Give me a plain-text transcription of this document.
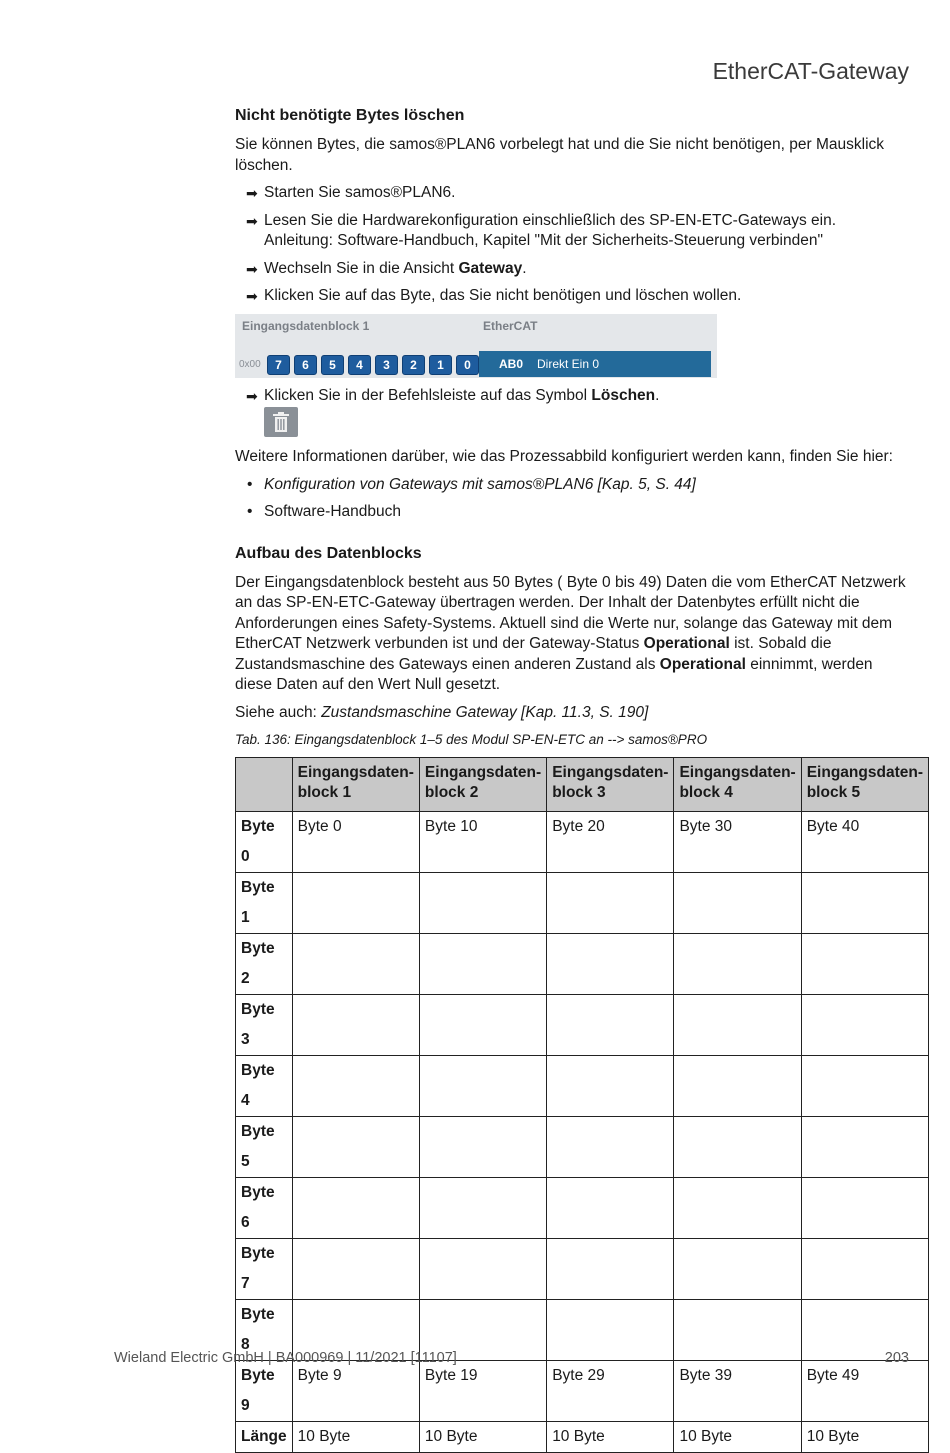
EtherCAT-Gateway
Nicht benötigte Bytes löschen

Sie können Bytes, die samos®PLAN6 vorbelegt hat und die Sie nicht benötigen, per Mausklick löschen.

➡ Starten Sie samos®PLAN6.
➡ Lesen Sie die Hardwarekonfiguration einschließlich des SP-EN-ETC-Gateways ein.
Anleitung: Software-Handbuch, Kapitel "Mit der Sicherheits-Steuerung verbinden"
➡ Wechseln Sie in die Ansicht Gateway.
➡ Klicken Sie auf das Byte, das Sie nicht benötigen und löschen wollen.
Eingangsdatenblock 1	EtherCAT
0x00	7	6	5	4	3	2	1	0	AB0	Direkt Ein 0
➡ Klicken Sie in der Befehlsleiste auf das Symbol Löschen.

Weitere Informationen darüber, wie das Prozessabbild konfiguriert werden kann, finden Sie hier:

• Konfiguration von Gateways mit samos®PLAN6 [Kap. 5, S. 44]
• Software-Handbuch
Aufbau des Datenblocks

Der Eingangsdatenblock besteht aus 50 Bytes ( Byte 0 bis 49) Daten die vom EtherCAT Netzwerk an das SP-EN-ETC-Gateway übertragen werden. Der Inhalt der Datenbytes erfüllt nicht die Anforderungen eines Safety-Systems. Aktuell sind die Werte nur, solange das Gateway mit dem EtherCAT Netzwerk verbunden ist und der Gateway-Status Operational ist. Sobald die Zustandsmaschine des Gateways einen anderen Zustand als Operational einnimmt, werden diese Daten auf den Wert Null gesetzt.

Siehe auch: Zustandsmaschine Gateway [Kap. 11.3, S. 190]

Tab. 136: Eingangsdatenblock 1–5 des Modul SP-EN-ETC an --> samos®PRO

	Eingangsdaten-
block 1	Eingangsdaten-
block 2	Eingangsdaten-
block 3	Eingangsdaten-
block 4	Eingangsdaten-
block 5
Byte 0	Byte 0	Byte 10	Byte 20	Byte 30	Byte 40
Byte 1					
Byte 2					
Byte 3					
Byte 4					
Byte 5					
Byte 6					
Byte 7					
Byte 8					
Byte 9	Byte 9	Byte 19	Byte 29	Byte 39	Byte 49
Länge	10 Byte	10 Byte	10 Byte	10 Byte	10 Byte
Wieland Electric GmbH | BA000969 | 11/2021 [11107]	203
